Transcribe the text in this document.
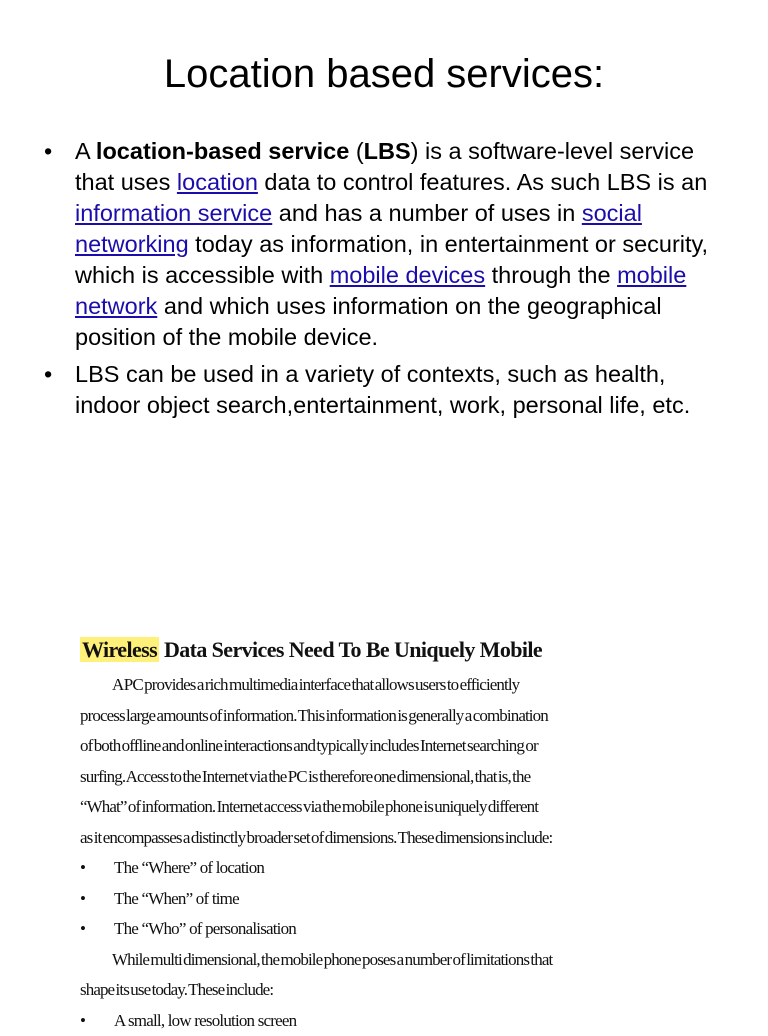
Location based services:
• A location-based service (LBS) is a software-level service that uses location data to control features. As such LBS is an information service and has a number of uses in social networking today as information, in entertainment or security, which is accessible with mobile devices through the mobile network and which uses information on the geographical position of the mobile device.
• LBS can be used in a variety of contexts, such as health, indoor object search,entertainment, work, personal life, etc.
Wireless Data Services Need To Be Uniquely Mobile
A PC provides a rich multimedia interface that allows users to efficiently
process large amounts of information. This information is generally a combination
of both offline and online interactions and typically includes Internet searching or
surfing. Access to the Internet via the PC is therefore one dimensional, that is, the
“What” of information. Internet access via the mobile phone is uniquely different
as it encompasses a distinctly broader set of dimensions. These dimensions include:
• The “Where” of location
• The “When” of time
• The “Who” of personalisation
While multi dimensional, the mobile phone poses a number of limitations that
shape its use today. These include:
• A small, low resolution screen
